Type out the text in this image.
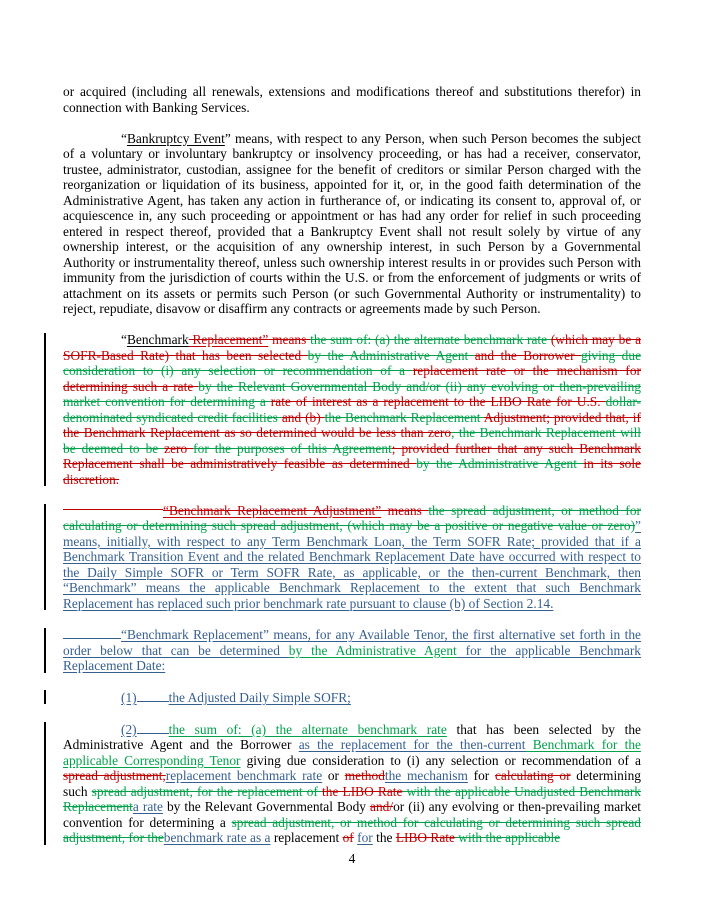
or acquired (including all renewals, extensions and modifications thereof and substitutions therefor) in connection with Banking Services.
“Bankruptcy Event” means, with respect to any Person, when such Person becomes the subject of a voluntary or involuntary bankruptcy or insolvency proceeding, or has had a receiver, conservator, trustee, administrator, custodian, assignee for the benefit of creditors or similar Person charged with the reorganization or liquidation of its business, appointed for it, or, in the good faith determination of the Administrative Agent, has taken any action in furtherance of, or indicating its consent to, approval of, or acquiescence in, any such proceeding or appointment or has had any order for relief in such proceeding entered in respect thereof, provided that a Bankruptcy Event shall not result solely by virtue of any ownership interest, or the acquisition of any ownership interest, in such Person by a Governmental Authority or instrumentality thereof, unless such ownership interest results in or provides such Person with immunity from the jurisdiction of courts within the U.S. or from the enforcement of judgments or writs of attachment on its assets or permits such Person (or such Governmental Authority or instrumentality) to reject, repudiate, disavow or disaffirm any contracts or agreements made by such Person.
“Benchmark Replacement” means the sum of: (a) the alternate benchmark rate (which may be a SOFR-Based Rate) that has been selected by the Administrative Agent and the Borrower giving due consideration to (i) any selection or recommendation of a replacement rate or the mechanism for determining such a rate by the Relevant Governmental Body and/or (ii) any evolving or then-prevailing market convention for determining a rate of interest as a replacement to the LIBO Rate for U.S. dollar-denominated syndicated credit facilities and (b) the Benchmark Replacement Adjustment; provided that, if the Benchmark Replacement as so determined would be less than zero, the Benchmark Replacement will be deemed to be zero for the purposes of this Agreement; provided further that any such Benchmark Replacement shall be administratively feasible as determined by the Administrative Agent in its sole discretion.
“Benchmark Replacement Adjustment” means the spread adjustment, or method for calculating or determining such spread adjustment, (which may be a positive or negative value or zero)” means, initially, with respect to any Term Benchmark Loan, the Term SOFR Rate; provided that if a Benchmark Transition Event and the related Benchmark Replacement Date have occurred with respect to the Daily Simple SOFR or Term SOFR Rate, as applicable, or the then-current Benchmark, then “Benchmark” means the applicable Benchmark Replacement to the extent that such Benchmark Replacement has replaced such prior benchmark rate pursuant to clause (b) of Section 2.14.
“Benchmark Replacement” means, for any Available Tenor, the first alternative set forth in the order below that can be determined by the Administrative Agent for the applicable Benchmark Replacement Date:
(1) the Adjusted Daily Simple SOFR;
(2) the sum of: (a) the alternate benchmark rate that has been selected by the Administrative Agent and the Borrower as the replacement for the then-current Benchmark for the applicable Corresponding Tenor giving due consideration to (i) any selection or recommendation of a spread adjustment,replacement benchmark rate or methodthe mechanism for calculating or determining such spread adjustment, for the replacement of the LIBO Rate with the applicable Unadjusted Benchmark Replacementa rate by the Relevant Governmental Body and/or (ii) any evolving or then-prevailing market convention for determining a spread adjustment, or method for calculating or determining such spread adjustment, for thebenchmark rate as a replacement of for the LIBO Rate with the applicable
4
